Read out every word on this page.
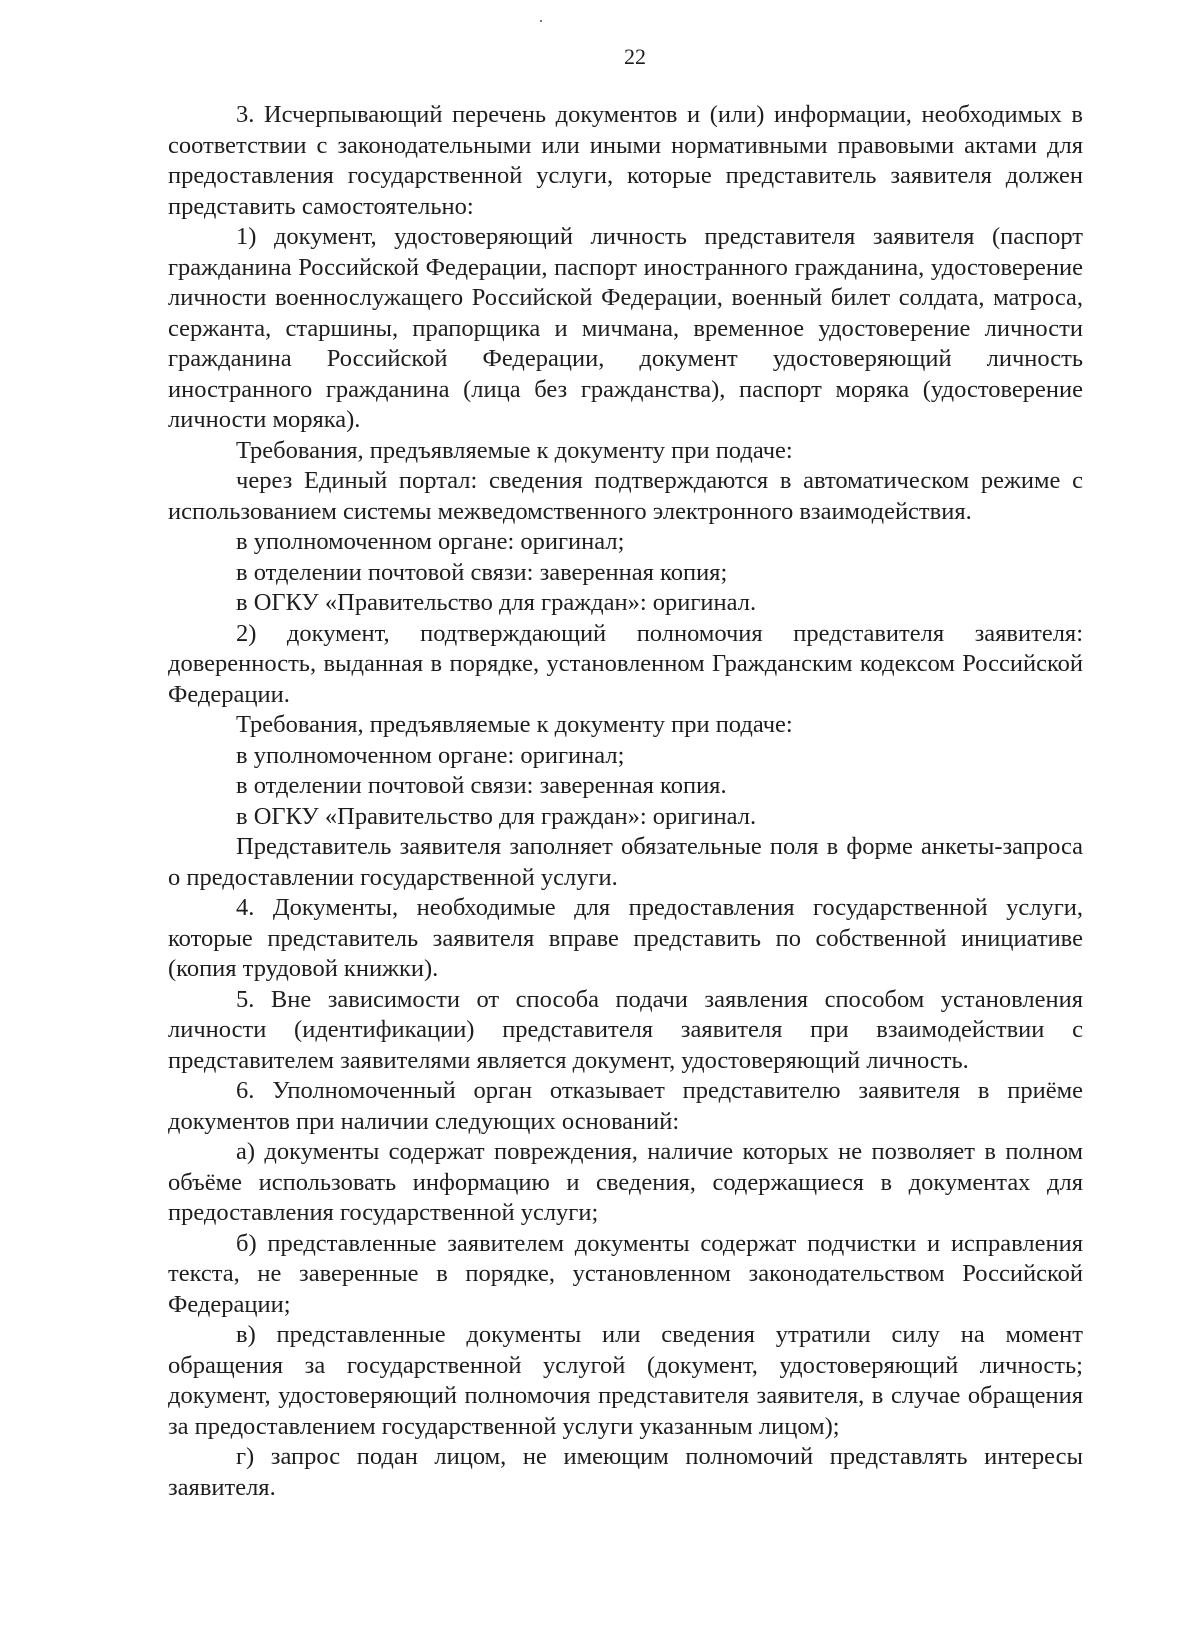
22

3. Исчерпывающий перечень документов и (или) информации, необходимых в соответствии с законодательными или иными нормативными правовыми актами для предоставления государственной услуги, которые представитель заявителя должен представить самостоятельно:

1) документ, удостоверяющий личность представителя заявителя (паспорт гражданина Российской Федерации, паспорт иностранного гражданина, удостоверение личности военнослужащего Российской Федерации, военный билет солдата, матроса, сержанта, старшины, прапорщика и мичмана, временное удостоверение личности гражданина Российской Федерации, документ удостоверяющий личность иностранного гражданина (лица без гражданства), паспорт моряка (удостоверение личности моряка).

Требования, предъявляемые к документу при подаче:

через Единый портал: сведения подтверждаются в автоматическом режиме с использованием системы межведомственного электронного взаимодействия.

в уполномоченном органе: оригинал;

в отделении почтовой связи: заверенная копия;

в ОГКУ «Правительство для граждан»: оригинал.

2) документ, подтверждающий полномочия представителя заявителя: доверенность, выданная в порядке, установленном Гражданским кодексом Российской Федерации.

Требования, предъявляемые к документу при подаче:

в уполномоченном органе: оригинал;

в отделении почтовой связи: заверенная копия.

в ОГКУ «Правительство для граждан»: оригинал.

Представитель заявителя заполняет обязательные поля в форме анкеты-запроса о предоставлении государственной услуги.

4. Документы, необходимые для предоставления государственной услуги, которые представитель заявителя вправе представить по собственной инициативе (копия трудовой книжки).

5. Вне зависимости от способа подачи заявления способом установления личности (идентификации) представителя заявителя при взаимодействии с представителем заявителями является документ, удостоверяющий личность.

6. Уполномоченный орган отказывает представителю заявителя в приёме документов при наличии следующих оснований:

а) документы содержат повреждения, наличие которых не позволяет в полном объёме использовать информацию и сведения, содержащиеся в документах для предоставления государственной услуги;

б) представленные заявителем документы содержат подчистки и исправления текста, не заверенные в порядке, установленном законодательством Российской Федерации;

в) представленные документы или сведения утратили силу на момент обращения за государственной услугой (документ, удостоверяющий личность; документ, удостоверяющий полномочия представителя заявителя, в случае обращения за предоставлением государственной услуги указанным лицом);

г) запрос подан лицом, не имеющим полномочий представлять интересы заявителя.
